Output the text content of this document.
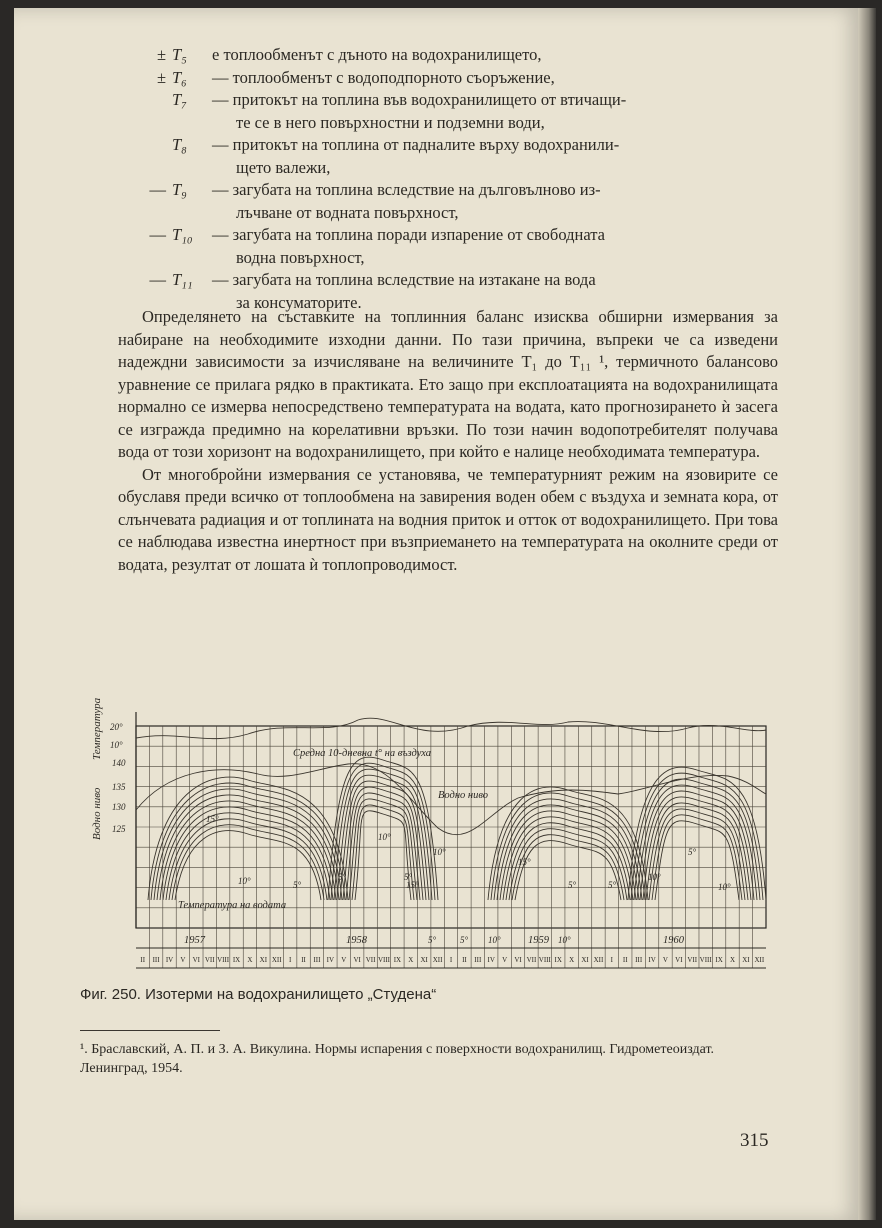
± T₅	е топлообменът с дъното на водохранилището,
± T₆	— топлообменът с водоподпорното съоръжение,
T₇	— притокът на топлина във водохранилището от втичащи-
те се в него повърхностни и подземни води,
T₈	— притокът на топлина от падналите върху водохранили-
щето валежи,
— T₉	— загубата на топлина вследствие на дълговълново из-
лъчване от водната повърхност,
— T₁₀	— загубата на топлина поради изпарение от свободната
водна повърхност,
— T₁₁	— загубата на топлина вследствие на изтакане на вода
за консуматорите.

Определянето на съставките на топлинния баланс изисква обширни измервания за набиране на необходимите изходни данни. По тази причина, въпреки че са изведени надеждни зависимости за изчисляване на величините T₁ до T₁₁ ¹, термичното балансово уравнение се прилага рядко в практиката. Ето защо при експлоатацията на водохранилищата нормално се измерва непосредствено температурата на водата, като прогнозирането ѝ засега се изгражда предимно на корелативни връзки. По този начин водопотребителят получава вода от този хоризонт на водохранилището, при който е налице необходимата температура.

От многобройни измервания се установява, че температурният режим на язовирите се обуславя преди всичко от топлообмена на завирения воден обем с въздуха и земната кора, от слънчевата радиация и от топлината на водния приток и отток от водохранилището. При това се наблюдава известна инертност при възприемането на температурата на околните среди от водата, резултат от лошата ѝ топлопроводимост.

Температура
Водно ниво
20°
10°
140
135
130
125
Средна 10-дневна t° на въздуха
Водно ниво
Температура на водата
15°
10°	5°
5°
10°
15°
5°
10°
15°
5°	5°
10°
5°
10°
1957	1958	1959	1960
5°	5° 10°	10°
II III IV V VI VII VIII IX X XI XII I II III IV V VI VII VIII IX X XI XII I II III IV V VI VII VIII IX X XI XII I II III IV V VI VII VIII IX X XI XII
Фиг. 250. Изотерми на водохранилището „Студена“
¹. Браславский, А. П. и З. А. Викулина. Нормы испарения с поверхности водохранилищ. Гидрометеоиздат. Ленинград, 1954.
315
